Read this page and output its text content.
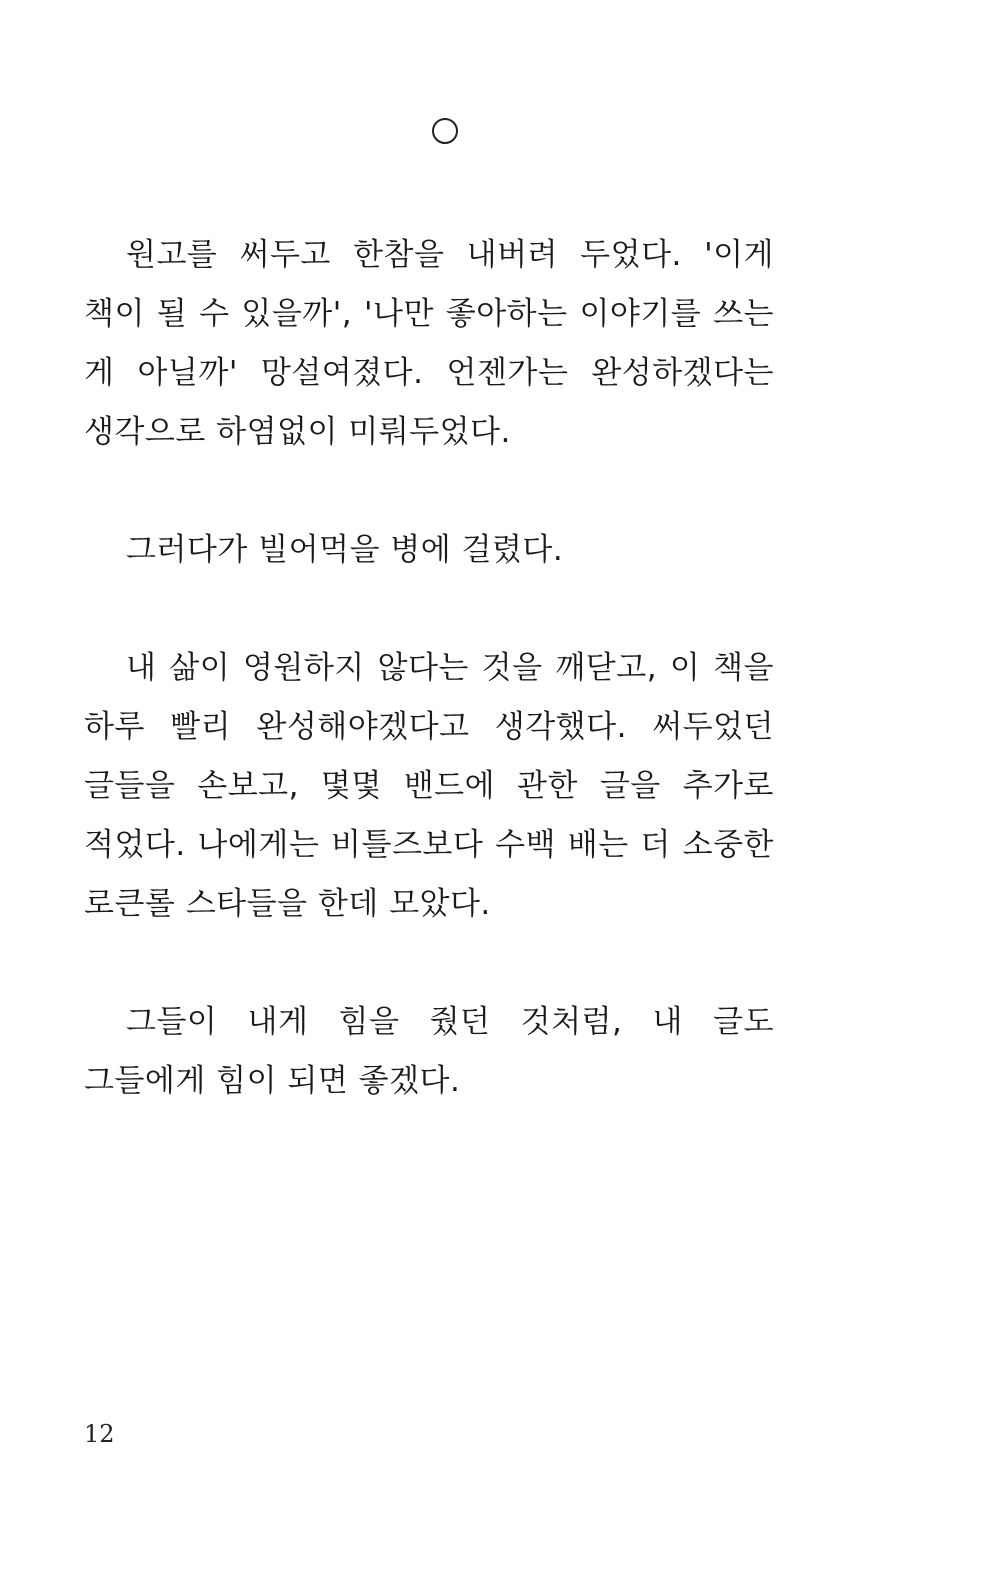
원고를 써두고 한참을 내버려 두었다. '이게 책이 될 수 있을까', '나만 좋아하는 이야기를 쓰는 게 아닐까' 망설여졌다. 언젠가는 완성하겠다는 생각으로 하염없이 미뤄두었다.

그러다가 빌어먹을 병에 걸렸다.

내 삶이 영원하지 않다는 것을 깨닫고, 이 책을 하루 빨리 완성해야겠다고 생각했다. 써두었던 글들을 손보고, 몇몇 밴드에 관한 글을 추가로 적었다. 나에게는 비틀즈보다 수백 배는 더 소중한 로큰롤 스타들을 한데 모았다.

그들이 내게 힘을 줬던 것처럼, 내 글도 그들에게 힘이 되면 좋겠다.

12
